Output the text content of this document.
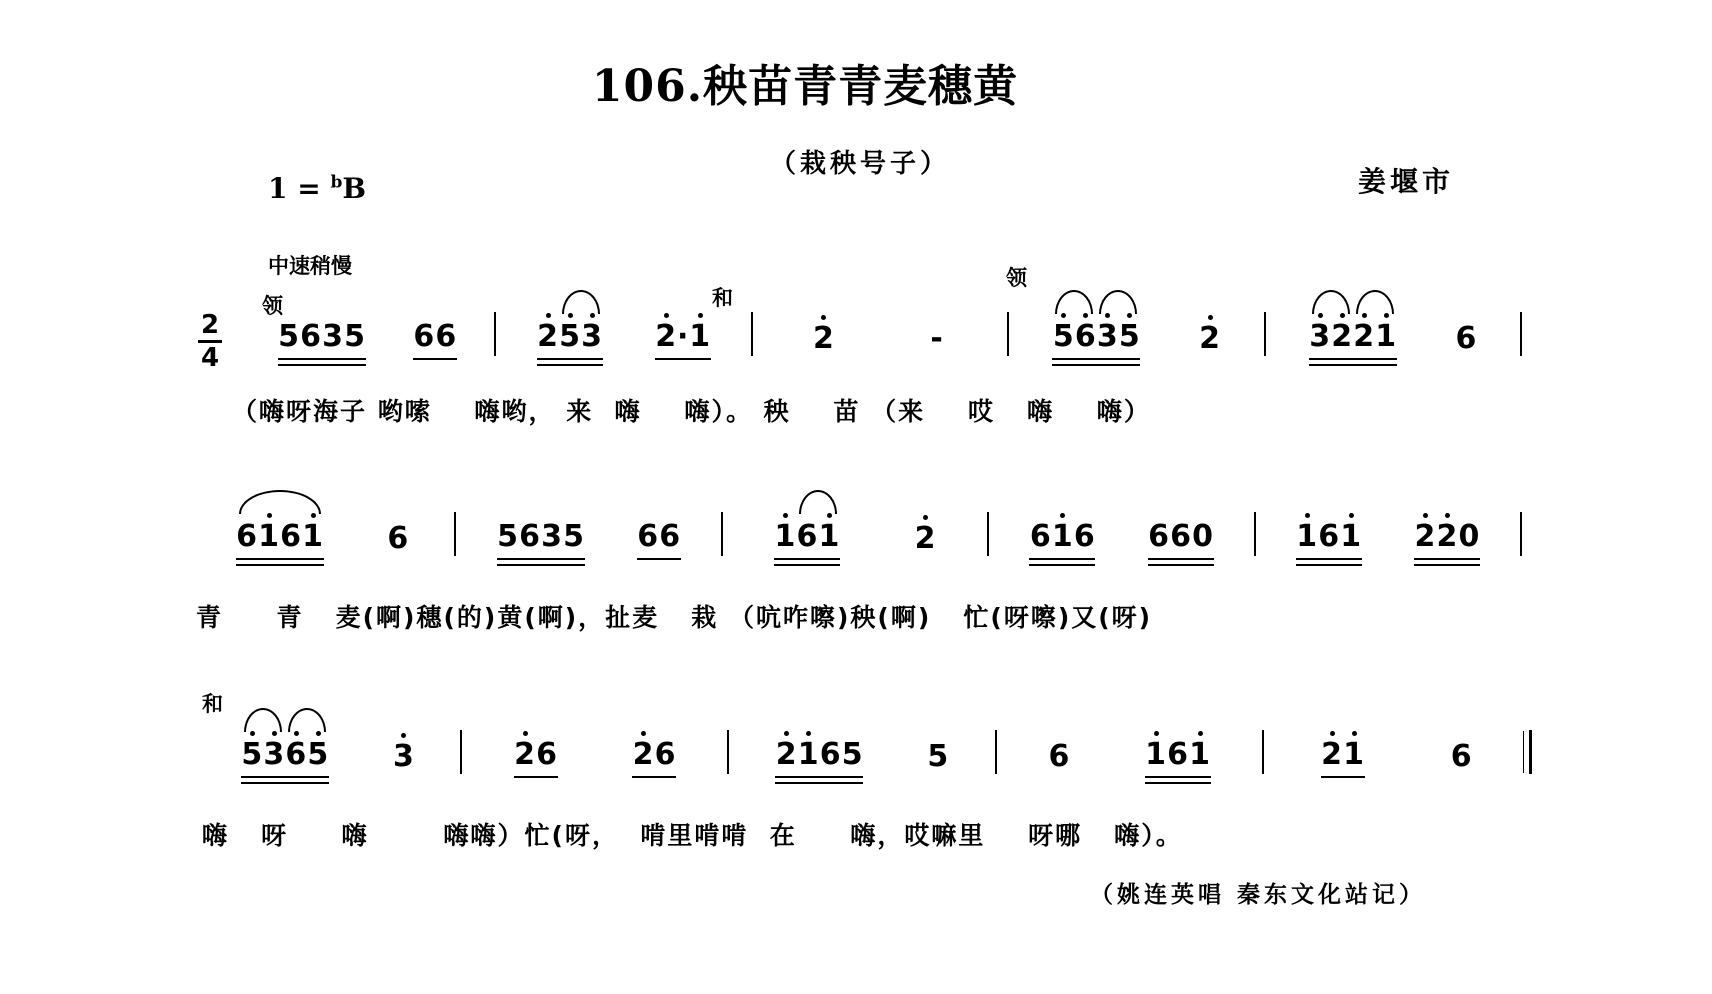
106.秧苗青青麦穗黄
（栽秧号子）
1 = $^b$B	姜堰市
中速稍慢
领	和
领
和
2
4
5 6 3 5 6 6	2 5 3 2 · 1	2	-	5 6 3 5 2	3 2 2 1 6
（嗨呀海子 哟嗦    嗨哟， 来  嗨    嗨）。 秧    苗 （来    哎   嗨    嗨）
6 1 6 1 6	5 6 3 5 6 6	1 6 1	2	6 1 6 6 6 0	1 6 1 2 2 0
青     青   麦(啊)穗(的)黄(啊)，扯麦   栽 （吭咋嚓)秧(啊)   忙(呀嚓)又(呀)
5 3 6 5 3	2 6	2 6	2 1 6 5 5	6	1 6 1	2 1	6
嗨   呀     嗨       嗨嗨）忙(呀，  啃里啃啃  在     嗨，哎嘛里    呀哪   嗨）。
（姚连英唱 秦东文化站记）
